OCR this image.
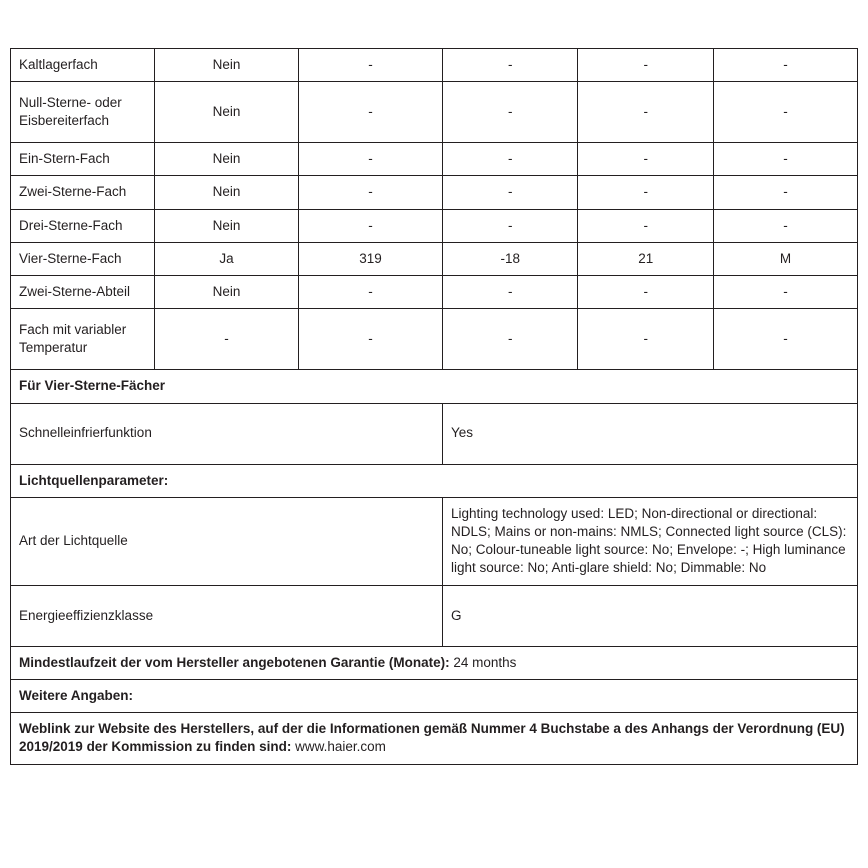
Kaltlagerfach	Nein	-	-	-	-
Null-Sterne- oder Eisbereiterfach	Nein	-	-	-	-
Ein-Stern-Fach	Nein	-	-	-	-
Zwei-Sterne-Fach	Nein	-	-	-	-
Drei-Sterne-Fach	Nein	-	-	-	-
Vier-Sterne-Fach	Ja	319	-18	21	M
Zwei-Sterne-Abteil	Nein	-	-	-	-
Fach mit variabler Temperatur	-	-	-	-	-
Für Vier-Sterne-Fächer					
Schnelleinfrierfunktion			Yes		
Lichtquellenparameter:					
Art der Lichtquelle			Lighting technology used: LED; Non-directional or directional: NDLS; Mains or non-mains: NMLS; Connected light source (CLS): No; Colour-tuneable light source: No; Envelope: -; High luminance light source: No; Anti-glare shield: No; Dimmable: No		
Energieeffizienzklasse			G		
Mindestlaufzeit der vom Hersteller angebotenen Garantie (Monate): 24 months					
Weitere Angaben:					
Weblink zur Website des Herstellers, auf der die Informationen gemäß Nummer 4 Buchstabe a des Anhangs der Verordnung (EU) 2019/2019 der Kommission zu finden sind: www.haier.com					
